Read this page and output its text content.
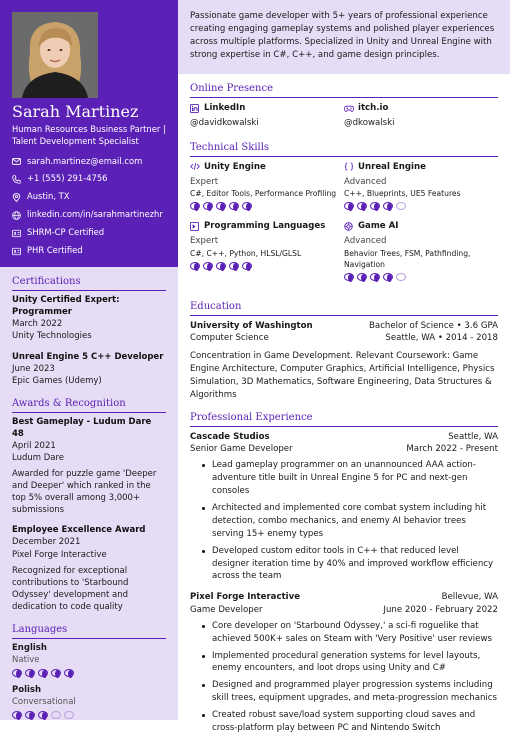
Sarah Martinez
Human Resources Business Partner | Talent Development Specialist
sarah.martinez@email.com
+1 (555) 291-4756
Austin, TX
linkedin.com/in/sarahmartinezhr
SHRM-CP Certified
PHR Certified
Certifications
Unity Certified Expert: Programmer
March 2022
Unity Technologies
Unreal Engine 5 C++ Developer
June 2023
Epic Games (Udemy)
Awards & Recognition
Best Gameplay - Ludum Dare 48
April 2021
Ludum Dare
Awarded for puzzle game 'Deeper and Deeper' which ranked in the top 5% overall among 3,000+ submissions
Employee Excellence Award
December 2021
Pixel Forge Interactive
Recognized for exceptional contributions to 'Starbound Odyssey' development and dedication to code quality
Languages
English
Native
Polish
Conversational
Passionate game developer with 5+ years of professional experience creating engaging gameplay systems and polished player experiences across multiple platforms. Specialized in Unity and Unreal Engine with strong expertise in C#, C++, and game design principles.
Online Presence
LinkedIn
@davidkowalski
itch.io
@dkowalski
Technical Skills
Unity Engine
Expert
C#, Editor Tools, Performance Profiling
Unreal Engine
Advanced
C++, Blueprints, UE5 Features
Programming Languages
Expert
C#, C++, Python, HLSL/GLSL
Game AI
Advanced
Behavior Trees, FSM, Pathfinding, Navigation
Education
University of Washington	Bachelor of Science • 3.6 GPA
Computer Science	Seattle, WA • 2014 - 2018
Concentration in Game Development. Relevant Coursework: Game Engine Architecture, Computer Graphics, Artificial Intelligence, Physics Simulation, 3D Mathematics, Software Engineering, Data Structures & Algorithms
Professional Experience
Cascade Studios	Seattle, WA
Senior Game Developer	March 2022 - Present
Lead gameplay programmer on an unannounced AAA action-adventure title built in Unreal Engine 5 for PC and next-gen consoles
Architected and implemented core combat system including hit detection, combo mechanics, and enemy AI behavior trees serving 15+ enemy types
Developed custom editor tools in C++ that reduced level designer iteration time by 40% and improved workflow efficiency across the team
Pixel Forge Interactive	Bellevue, WA
Game Developer	June 2020 - February 2022
Core developer on 'Starbound Odyssey,' a sci-fi roguelike that achieved 500K+ sales on Steam with 'Very Positive' user reviews
Implemented procedural generation systems for level layouts, enemy encounters, and loot drops using Unity and C#
Designed and programmed player progression systems including skill trees, equipment upgrades, and meta-progression mechanics
Created robust save/load system supporting cloud saves and cross-platform play between PC and Nintendo Switch
